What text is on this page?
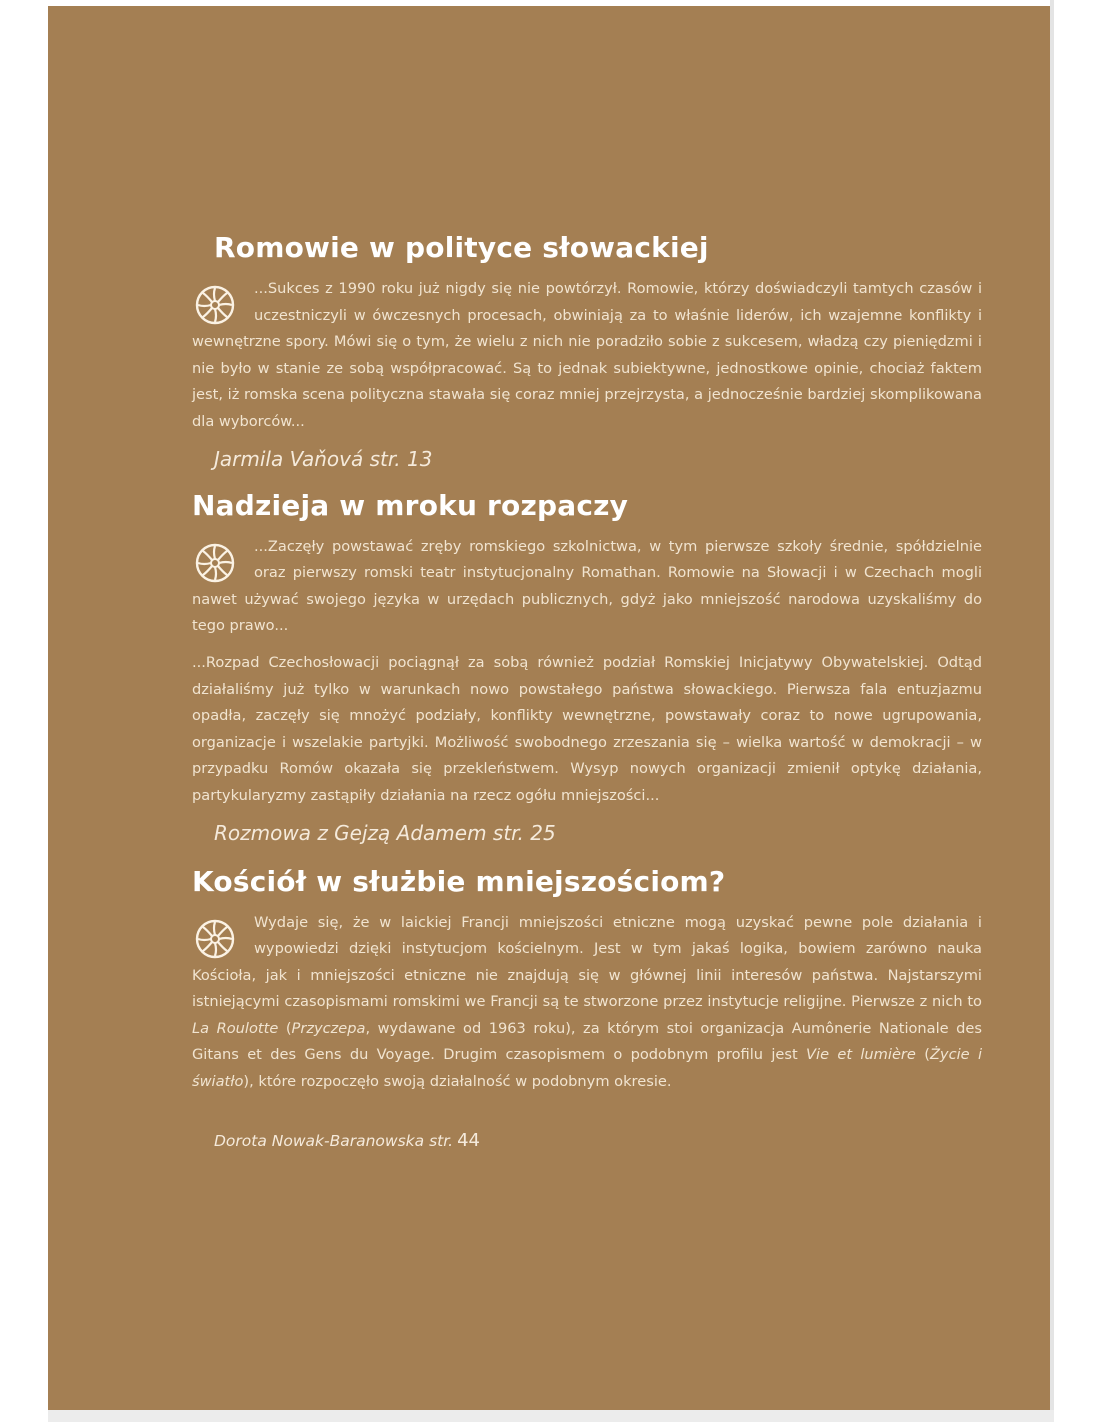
Romowie w polityce słowackiej

...Sukces z 1990 roku już nigdy się nie powtórzył. Romowie, którzy doświadczyli tamtych czasów i uczestniczyli w ówczesnych procesach, obwiniają za to właśnie liderów, ich wzajemne konflikty i wewnętrzne spory. Mówi się o tym, że wielu z nich nie poradziło sobie z sukcesem, władzą czy pieniędzmi i nie było w stanie ze sobą współpracować. Są to jednak subiektywne, jednostkowe opinie, chociaż faktem jest, iż romska scena polityczna stawała się coraz mniej przejrzysta, a jednocześnie bardziej skomplikowana dla wyborców...

Jarmila Vaňová str. 13

Nadzieja w mroku rozpaczy

...Zaczęły powstawać zręby romskiego szkolnictwa, w tym pierwsze szkoły średnie, spółdzielnie oraz pierwszy romski teatr instytucjonalny Romathan. Romowie na Słowacji i w Czechach mogli nawet używać swojego języka w urzędach publicznych, gdyż jako mniejszość narodowa uzyskaliśmy do tego prawo...

...Rozpad Czechosłowacji pociągnął za sobą również podział Romskiej Inicjatywy Obywatelskiej. Odtąd działaliśmy już tylko w warunkach nowo powstałego państwa słowackiego. Pierwsza fala entuzjazmu opadła, zaczęły się mnożyć podziały, konflikty wewnętrzne, powstawały coraz to nowe ugrupowania, organizacje i wszelakie partyjki. Możliwość swobodnego zrzeszania się – wielka wartość w demokracji – w przypadku Romów okazała się przekleństwem. Wysyp nowych organizacji zmienił optykę działania, partykularyzmy zastąpiły działania na rzecz ogółu mniejszości...

Rozmowa z Gejzą Adamem str. 25

Kościół w służbie mniejszościom?

Wydaje się, że w laickiej Francji mniejszości etniczne mogą uzyskać pewne pole działania i wypowiedzi dzięki instytucjom kościelnym. Jest w tym jakaś logika, bowiem zarówno nauka Kościoła, jak i mniejszości etniczne nie znajdują się w głównej linii interesów państwa. Najstarszymi istniejącymi czasopismami romskimi we Francji są te stworzone przez instytucje religijne. Pierwsze z nich to La Roulotte (Przyczepa, wydawane od 1963 roku), za którym stoi organizacja Aumônerie Nationale des Gitans et des Gens du Voyage. Drugim czasopismem o podobnym profilu jest Vie et lumière (Życie i światło), które rozpoczęło swoją działalność w podobnym okresie.

Dorota Nowak-Baranowska str. 44
